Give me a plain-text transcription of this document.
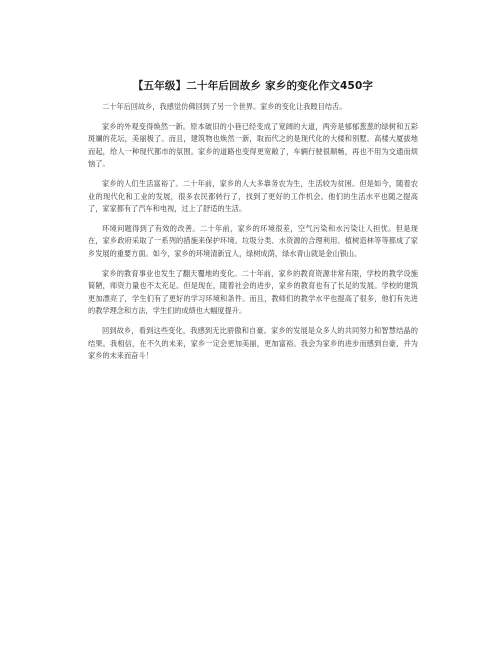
【五年级】二十年后回故乡 家乡的变化作文450字

二十年后回故乡，我感觉仿佛回到了另一个世界。家乡的变化让我瞠目结舌。

家乡的外观变得焕然一新。原本破旧的小巷已经变成了宽阔的大道，两旁是郁郁葱葱的绿树和五彩斑斓的花坛，美丽极了。而且，建筑物也焕然一新，取而代之的是现代化的大楼和别墅。高楼大厦拔地而起，给人一种现代都市的氛围。家乡的道路也变得更宽敞了，车辆行驶很顺畅，再也不用为交通而烦恼了。

家乡的人们生活富裕了。二十年前，家乡的人大多靠务农为生，生活较为贫困。但是如今，随着农业的现代化和工业的发展，很多农民都转行了，找到了更好的工作机会。他们的生活水平也随之提高了，家家都有了汽车和电视，过上了舒适的生活。

环境问题得到了有效的改善。二十年前，家乡的环境很差，空气污染和水污染让人担忧。但是现在，家乡政府采取了一系列的措施来保护环境。垃圾分类、水资源的合理利用、植树造林等等都成了家乡发展的重要方面。如今，家乡的环境清新宜人，绿树成荫，绿水青山就是金山银山。

家乡的教育事业也发生了翻天覆地的变化。二十年前，家乡的教育资源非常有限，学校的教学设施简陋，师资力量也不太充足。但是现在，随着社会的进步，家乡的教育也有了长足的发展。学校的建筑更加漂亮了，学生们有了更好的学习环境和条件。而且，教师们的教学水平也提高了很多，他们有先进的教学理念和方法，学生们的成绩也大幅度提升。

回到故乡，看到这些变化，我感到无比骄傲和自豪。家乡的发展是众多人的共同努力和智慧结晶的结果。我相信，在不久的未来，家乡一定会更加美丽，更加富裕。我会为家乡的进步而感到自豪，并为家乡的未来而奋斗！
